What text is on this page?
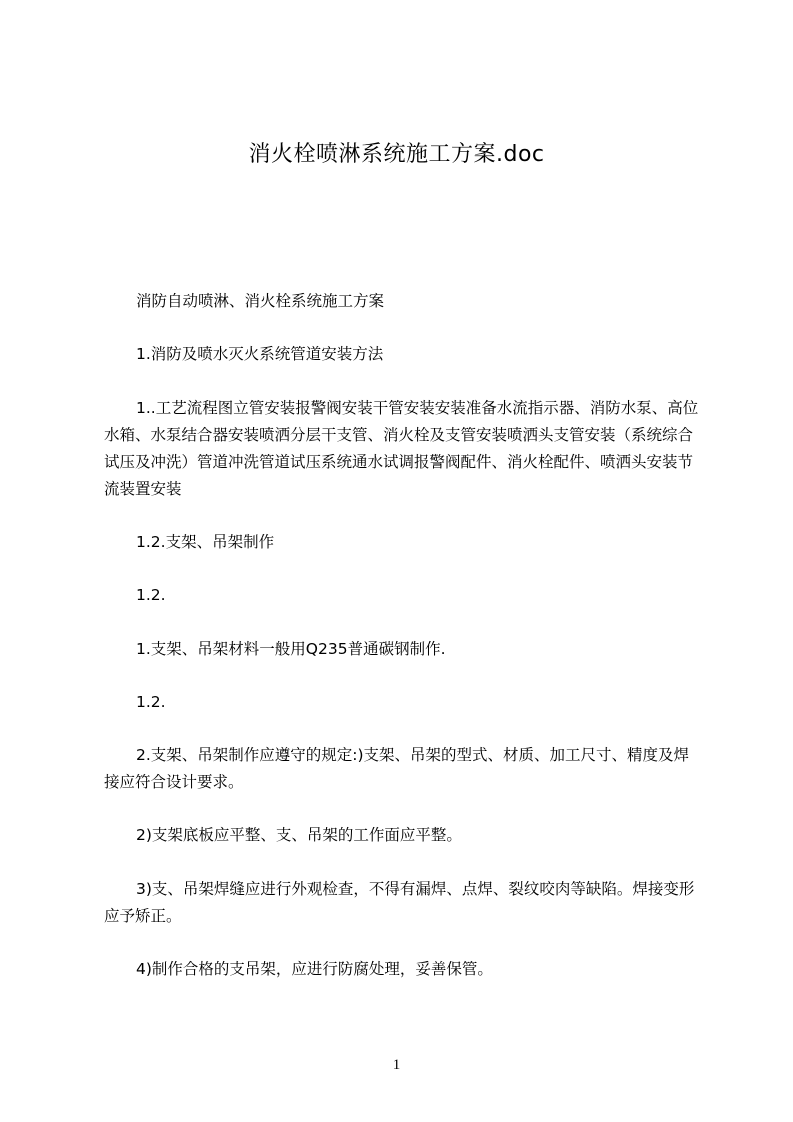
消火栓喷淋系统施工方案.doc

消防自动喷淋、消火栓系统施工方案

1.消防及喷水灭火系统管道安装方法

1..工艺流程图立管安装报警阀安装干管安装安装准备水流指示器、消防水泵、高位水箱、水泵结合器安装喷洒分层干支管、消火栓及支管安装喷洒头支管安装（系统综合试压及冲洗）管道冲洗管道试压系统通水试调报警阀配件、消火栓配件、喷洒头安装节流装置安装

1.2.支架、吊架制作

1.2.

1.支架、吊架材料一般用Q235普通碳钢制作.

1.2.

2.支架、吊架制作应遵守的规定:)支架、吊架的型式、材质、加工尺寸、精度及焊接应符合设计要求。

2)支架底板应平整、支、吊架的工作面应平整。

3)支、吊架焊缝应进行外观检查，不得有漏焊、点焊、裂纹咬肉等缺陷。焊接变形应予矫正。

4)制作合格的支吊架，应进行防腐处理，妥善保管。

1
